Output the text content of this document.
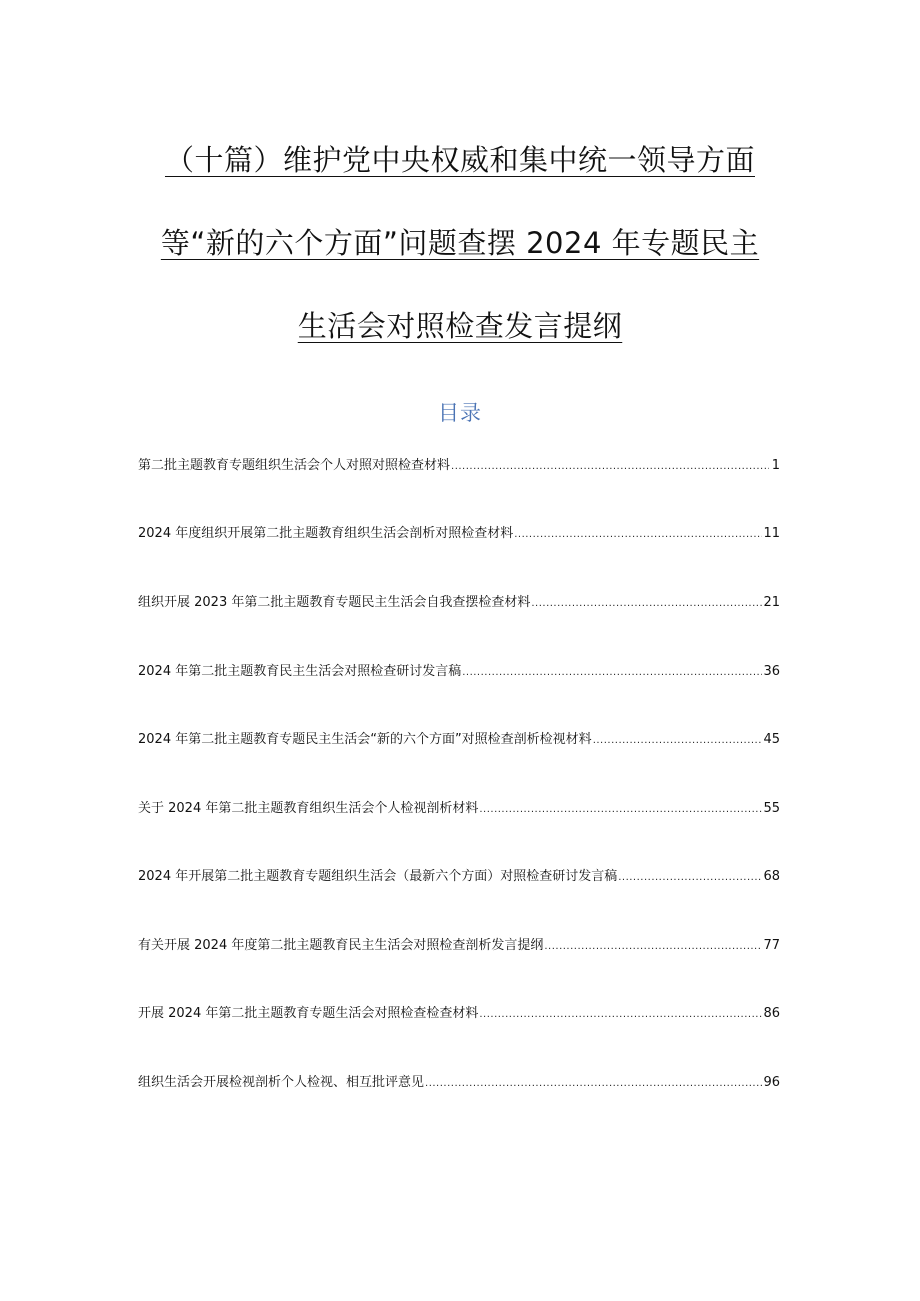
（十篇）维护党中央权威和集中统一领导方面

等“新的六个方面”问题查摆 2024 年专题民主

生活会对照检查发言提纲

目录
第二批主题教育专题组织生活会个人对照对照检查材料 .....	1
2024 年度组织开展第二批主题教育组织生活会剖析对照检查材料 .....	11
组织开展 2023 年第二批主题教育专题民主生活会自我查摆检查材料 .....	21
2024 年第二批主题教育民主生活会对照检查研讨发言稿 .....	36
2024 年第二批主题教育专题民主生活会“新的六个方面”对照检查剖析检视材料 .....	45
关于 2024 年第二批主题教育组织生活会个人检视剖析材料 .....	55
2024 年开展第二批主题教育专题组织生活会（最新六个方面）对照检查研讨发言稿 .....	68
有关开展 2024 年度第二批主题教育民主生活会对照检查剖析发言提纲 .....	77
开展 2024 年第二批主题教育专题生活会对照检查检查材料 .....	86
组织生活会开展检视剖析个人检视、相互批评意见 .....	96
